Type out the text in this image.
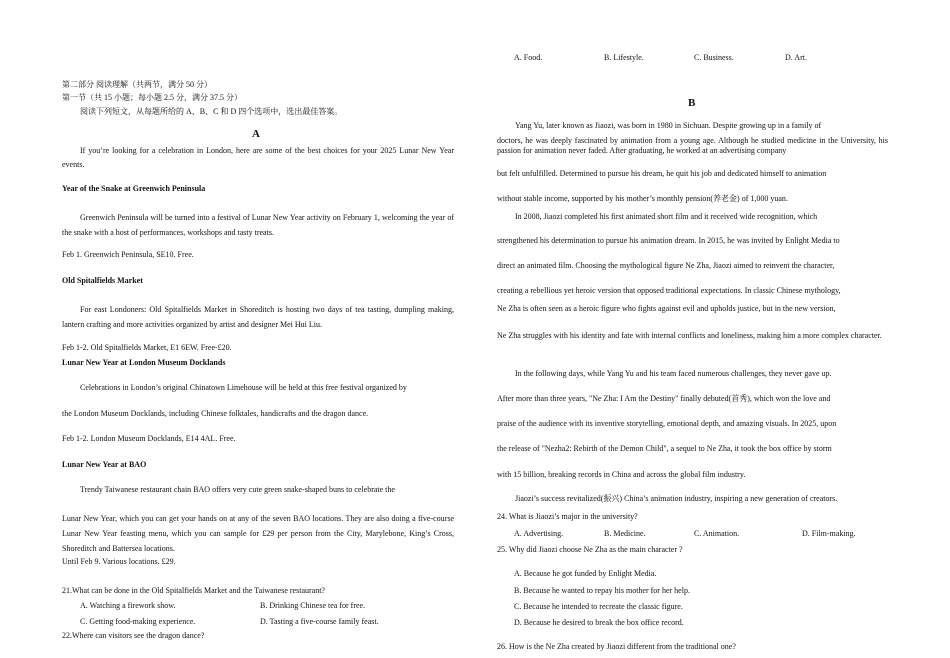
第二部分 阅读理解（共两节，满分 50 分）
第一节（共 15 小题；每小题 2.5 分，满分 37.5 分）
阅读下列短文，从每题所给的 A、B、C 和 D 四个选项中，选出最佳答案。
A
If you’re looking for a celebration in London, here are some of the best choices for your 2025 Lunar New Year events.
Year of the Snake at Greenwich Peninsula
Greenwich Peninsula will be turned into a festival of Lunar New Year activity on February 1, welcoming the year of the snake with a host of performances, workshops and tasty treats.
Feb 1. Greenwich Peninsula, SE10. Free.
Old Spitalfields Market
For east Londoners: Old Spitalfields Market in Shoreditch is hosting two days of tea tasting, dumpling making, lantern crafting and more activities organized by artist and designer Mei Hui Liu.
Feb 1-2. Old Spitalfields Market, E1 6EW. Free-£20.
Lunar New Year at London Museum Docklands
Celebrations in London’s original Chinatown Limehouse will be held at this free festival organized by
the London Museum Docklands, including Chinese folktales, handicrafts and the dragon dance.
Feb 1-2. London Museum Docklands, E14 4AL. Free.
Lunar New Year at BAO
Trendy Taiwanese restaurant chain BAO offers very cute green snake-shaped buns to celebrate the
Lunar New Year, which you can get your hands on at any of the seven BAO locations. They are also doing a five-course Lunar New Year feasting menu, which you can sample for £29 per person from the City, Marylebone, King’s Cross, Shoreditch and Battersea locations.
Until Feb 9. Various locations. £29.
21.What can be done in the Old Spitalfields Market and the Taiwanese restaurant?
A. Watching a firework show.	B. Drinking Chinese tea for free.
C. Getting food-making experience.	D. Tasting a five-course family feast.
22.Where can visitors see the dragon dance?
A. Food.	B. Lifestyle.	C. Business.	D. Art.
B
Yang Yu, later known as Jiaozi, was born in 1980 in Sichuan. Despite growing up in a family of
doctors, he was deeply fascinated by animation from a young age. Although he studied medicine in the University, his passion for animation never faded. After graduating, he worked at an advertising company
but felt unfulfilled. Determined to pursue his dream, he quit his job and dedicated himself to animation
without stable income, supported by his mother’s monthly pension(养老金) of 1,000 yuan.
In 2008, Jiaozi completed his first animated short film and it received wide recognition, which
strengthened his determination to pursue his animation dream. In 2015, he was invited by Enlight Media to
direct an animated film. Choosing the mythological figure Ne Zha, Jiaozi aimed to reinvent the character,
creating a rebellious yet heroic version that opposed traditional expectations. In classic Chinese mythology,
Ne Zha is often seen as a heroic figure who fights against evil and upholds justice, but in the new version,
Ne Zha struggles with his identity and fate with internal conflicts and loneliness, making him a more complex character.
In the following days, while Yang Yu and his team faced numerous challenges, they never gave up.
After more than three years, "Ne Zha: I Am the Destiny" finally debuted(首秀), which won the love and
praise of the audience with its inventive storytelling, emotional depth, and amazing visuals. In 2025, upon
the release of "Nezha2: Rebirth of the Demon Child", a sequel to Ne Zha, it took the box office by storm
with 15 billion, breaking records in China and across the global film industry.
Jiaozi’s success revitalized(振兴) China’s animation industry, inspiring a new generation of creators.
24. What is Jiaozi’s major in the university?
A. Advertising.	B. Medicine.	C. Animation.	D. Film-making.
25. Why did Jiaozi choose Ne Zha as the main character ?
A. Because he got funded by Enlight Media.
B. Because he wanted to repay his mother for her help.
C. Because he intended to recreate the classic figure.
D. Because he desired to break the box office record.
26. How is the Ne Zha created by Jiaozi different from the traditional one?
